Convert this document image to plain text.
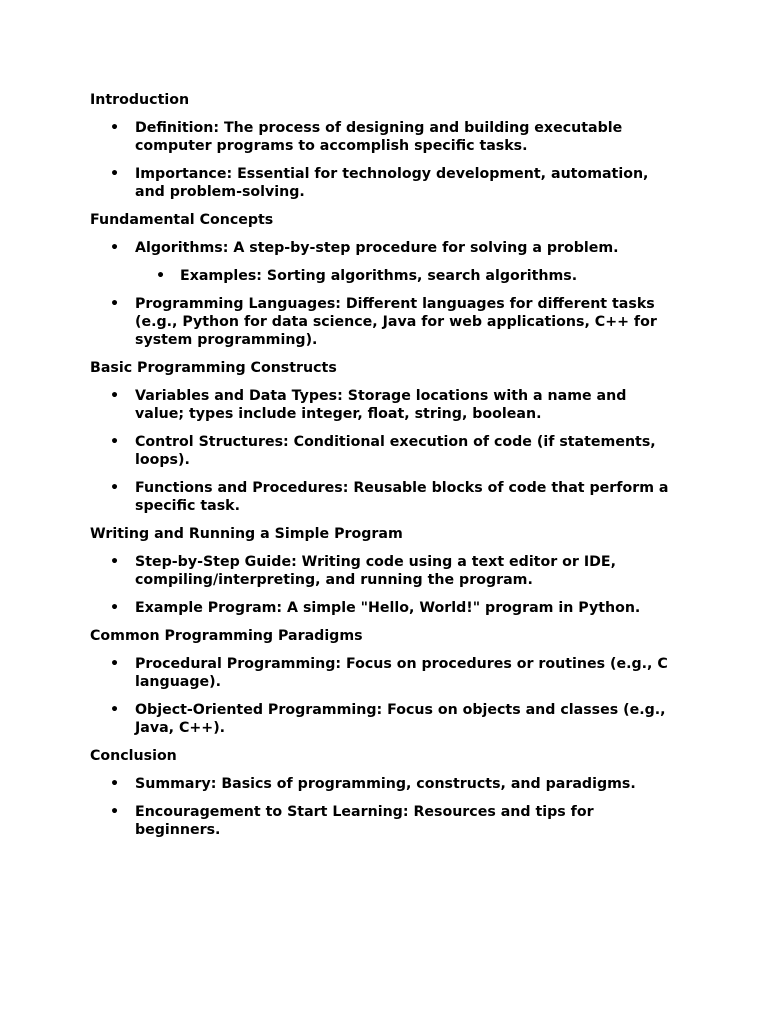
Introduction
• Definition: The process of designing and building executable computer programs to accomplish specific tasks.
• Importance: Essential for technology development, automation, and problem-solving.
Fundamental Concepts
• Algorithms: A step-by-step procedure for solving a problem.
• Examples: Sorting algorithms, search algorithms.
• Programming Languages: Different languages for different tasks (e.g., Python for data science, Java for web applications, C++ for system programming).
Basic Programming Constructs
• Variables and Data Types: Storage locations with a name and value; types include integer, float, string, boolean.
• Control Structures: Conditional execution of code (if statements, loops).
• Functions and Procedures: Reusable blocks of code that perform a specific task.
Writing and Running a Simple Program
• Step-by-Step Guide: Writing code using a text editor or IDE, compiling/interpreting, and running the program.
• Example Program: A simple "Hello, World!" program in Python.
Common Programming Paradigms
• Procedural Programming: Focus on procedures or routines (e.g., C language).
• Object-Oriented Programming: Focus on objects and classes (e.g., Java, C++).
Conclusion
• Summary: Basics of programming, constructs, and paradigms.
• Encouragement to Start Learning: Resources and tips for beginners.
